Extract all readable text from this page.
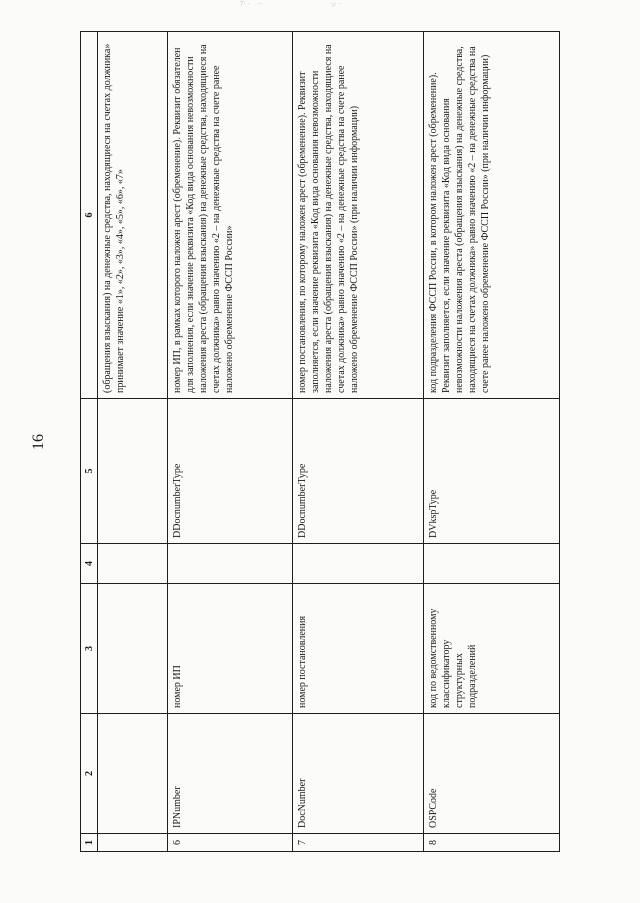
7· ·ﾟ ··	·ᵢᵢ· ·
16
1	2	3	4	5	6
					(обращения взыскания) на денежные средства, находящиеся на счетах должника» принимает значение «1», «2», «3», «4», «5», «6», «7»
6	IPNumber	номер ИП		DDocnumberType	номер ИП, в рамках которого наложен арест (обременение). Реквизит обязателен для заполнения, если значение реквизита «Код вида основания невозможности наложения ареста (обращения взыскания) на денежные средства, находящиеся на счетах должника» равно значению «2 – на денежные средства на счете ранее наложено обременение ФССП России»
7	DocNumber	номер постановления		DDocnumberType	номер постановления, по которому наложен арест (обременение). Реквизит заполняется, если значение реквизита «Код вида основания невозможности наложения ареста (обращения взыскания) на денежные средства, находящиеся на счетах должника» равно значению «2 – на денежные средства на счете ранее наложено обременение ФССП России» (при наличии информации)
8	OSPCode	код по ведомственному классификатору структурных подразделений		DVkspType	код подразделения ФССП России, в котором наложен арест (обременение). Реквизит заполняется, если значение реквизита «Код вида основания невозможности наложения ареста (обращения взыскания) на денежные средства, находящиеся на счетах должника» равно значению «2 – на денежные средства на счете ранее наложено обременение ФССП России» (при наличии информации)
